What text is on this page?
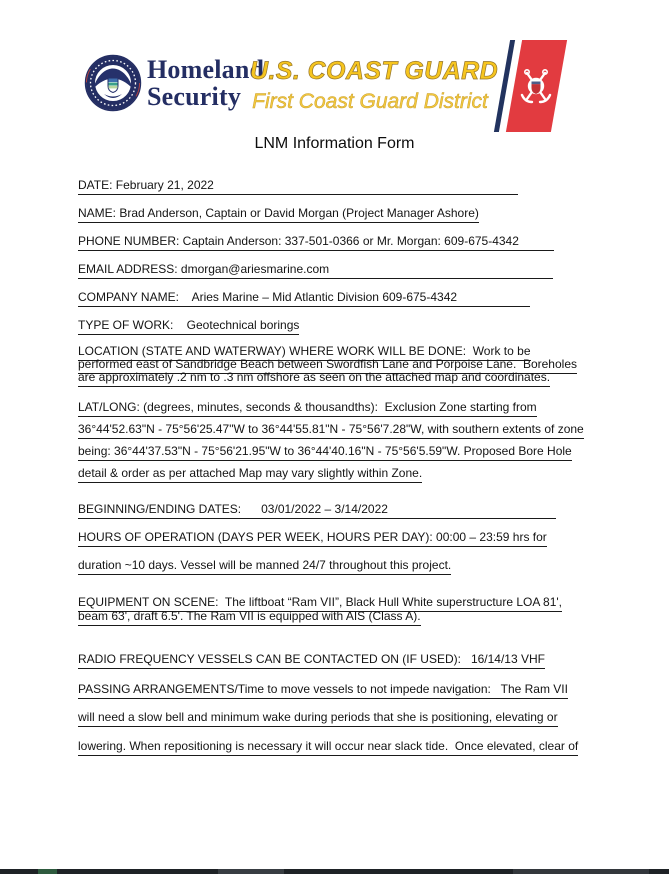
Homeland
Security
U.S. COAST GUARD
First Coast Guard District
LNM Information Form
DATE: February 21, 2022
NAME: Brad Anderson, Captain or David Morgan (Project Manager Ashore)
PHONE NUMBER: Captain Anderson: 337-501-0366 or Mr. Morgan: 609-675-4342
EMAIL ADDRESS: dmorgan@ariesmarine.com
COMPANY NAME:    Aries Marine – Mid Atlantic Division 609-675-4342
TYPE OF WORK:    Geotechnical borings
LOCATION (STATE AND WATERWAY) WHERE WORK WILL BE DONE:  Work to be
performed east of Sandbridge Beach between Swordfish Lane and Porpoise Lane.  Boreholes
are approximately .2 nm to .3 nm offshore as seen on the attached map and coordinates.
LAT/LONG: (degrees, minutes, seconds & thousandths):  Exclusion Zone starting from
36°44'52.63"N - 75°56'25.47"W to 36°44'55.81"N - 75°56'7.28"W, with southern extents of zone
being: 36°44'37.53"N - 75°56'21.95"W to 36°44'40.16"N - 75°56'5.59"W. Proposed Bore Hole
detail & order as per attached Map may vary slightly within Zone.
BEGINNING/ENDING DATES:      03/01/2022 – 3/14/2022
HOURS OF OPERATION (DAYS PER WEEK, HOURS PER DAY): 00:00 – 23:59 hrs for
duration ~10 days. Vessel will be manned 24/7 throughout this project.
EQUIPMENT ON SCENE:  The liftboat “Ram VII”, Black Hull White superstructure LOA 81',
beam 63', draft 6.5'. The Ram VII is equipped with AIS (Class A).
RADIO FREQUENCY VESSELS CAN BE CONTACTED ON (IF USED):   16/14/13 VHF
PASSING ARRANGEMENTS/Time to move vessels to not impede navigation:   The Ram VII
will need a slow bell and minimum wake during periods that she is positioning, elevating or
lowering. When repositioning is necessary it will occur near slack tide.  Once elevated, clear of
